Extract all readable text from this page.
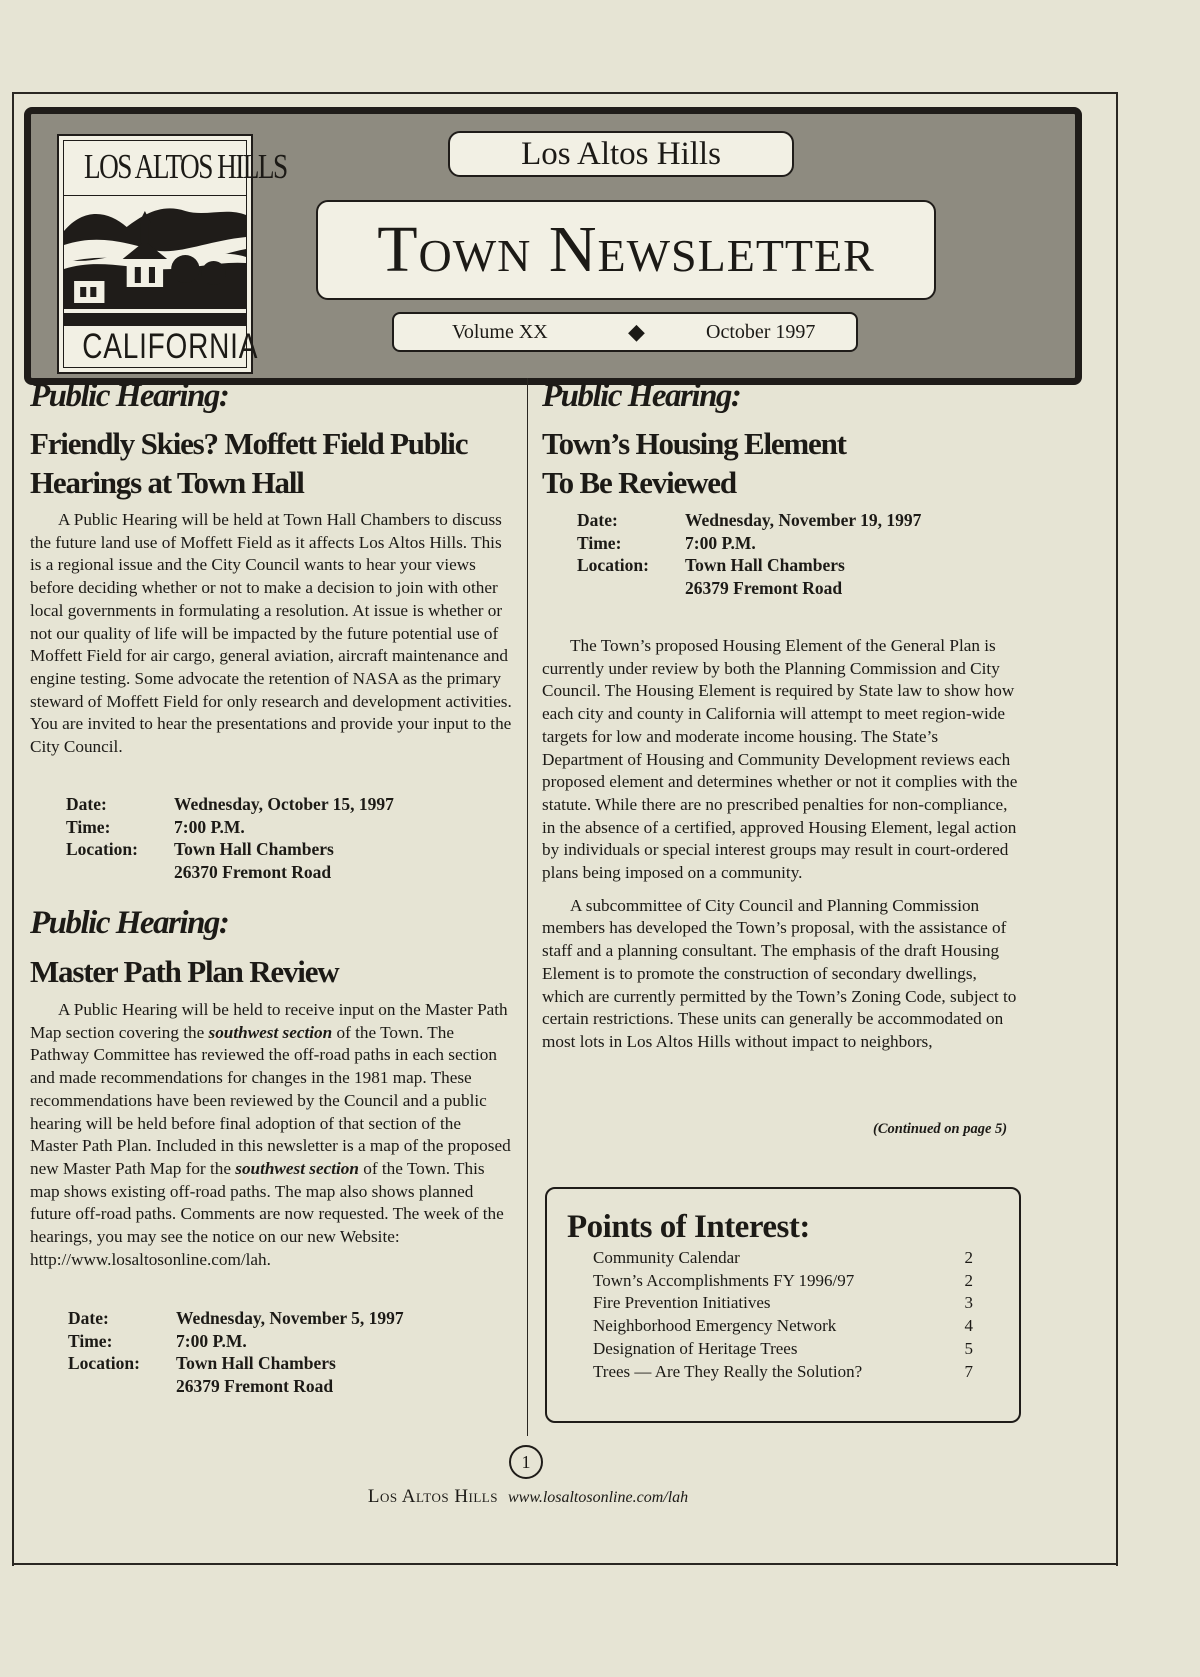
LOS ALTOS HILLS
CALIFORNIA
Los Altos Hills
Town Newsletter
Volume XX	◆	October 1997
Public Hearing:
Friendly Skies? Moffett Field Public
Hearings at Town Hall

A Public Hearing will be held at Town Hall Chambers to discuss the future land use of Moffett Field as it affects Los Altos Hills. This is a regional issue and the City Council wants to hear your views before deciding whether or not to make a decision to join with other local governments in formulating a resolution. At issue is whether or not our quality of life will be impacted by the future potential use of Moffett Field for air cargo, general aviation, aircraft maintenance and engine testing. Some advocate the retention of NASA as the primary steward of Moffett Field for only research and development activities. You are invited to hear the presentations and provide your input to the City Council.

Date:	Wednesday, October 15, 1997
Time:	7:00 P.M.
Location:	Town Hall Chambers
26370 Fremont Road
Public Hearing:
Master Path Plan Review

A Public Hearing will be held to receive input on the Master Path Map section covering the southwest section of the Town. The Pathway Committee has reviewed the off-road paths in each section and made recommendations for changes in the 1981 map. These recommendations have been reviewed by the Council and a public hearing will be held before final adoption of that section of the Master Path Plan. Included in this newsletter is a map of the proposed new Master Path Map for the southwest section of the Town. This map shows existing off-road paths. The map also shows planned future off-road paths. Comments are now requested. The week of the hearings, you may see the notice on our new Website: http://www.losaltosonline.com/lah.

Date:	Wednesday, November 5, 1997
Time:	7:00 P.M.
Location:	Town Hall Chambers
26379 Fremont Road
Public Hearing:
Town’s Housing Element
To Be Reviewed
Date:	Wednesday, November 19, 1997
Time:	7:00 P.M.
Location:	Town Hall Chambers
26379 Fremont Road

The Town’s proposed Housing Element of the General Plan is currently under review by both the Planning Commission and City Council. The Housing Element is required by State law to show how each city and county in California will attempt to meet region-wide targets for low and moderate income housing. The State’s Department of Housing and Community Development reviews each proposed element and determines whether or not it complies with the statute. While there are no prescribed penalties for non-compliance, in the absence of a certified, approved Housing Element, legal action by individuals or special interest groups may result in court-ordered plans being imposed on a community.

A subcommittee of City Council and Planning Commission members has developed the Town’s proposal, with the assistance of staff and a planning consultant. The emphasis of the draft Housing Element is to promote the construction of secondary dwellings, which are currently permitted by the Town’s Zoning Code, subject to certain restrictions. These units can generally be accommodated on most lots in Los Altos Hills without impact to neighbors,

(Continued on page 5)
Points of Interest:
Community Calendar	2
Town’s Accomplishments FY 1996/97	2
Fire Prevention Initiatives	3
Neighborhood Emergency Network	4
Designation of Heritage Trees	5
Trees — Are They Really the Solution?	7
1
Los Altos Hills www.losaltosonline.com/lah
